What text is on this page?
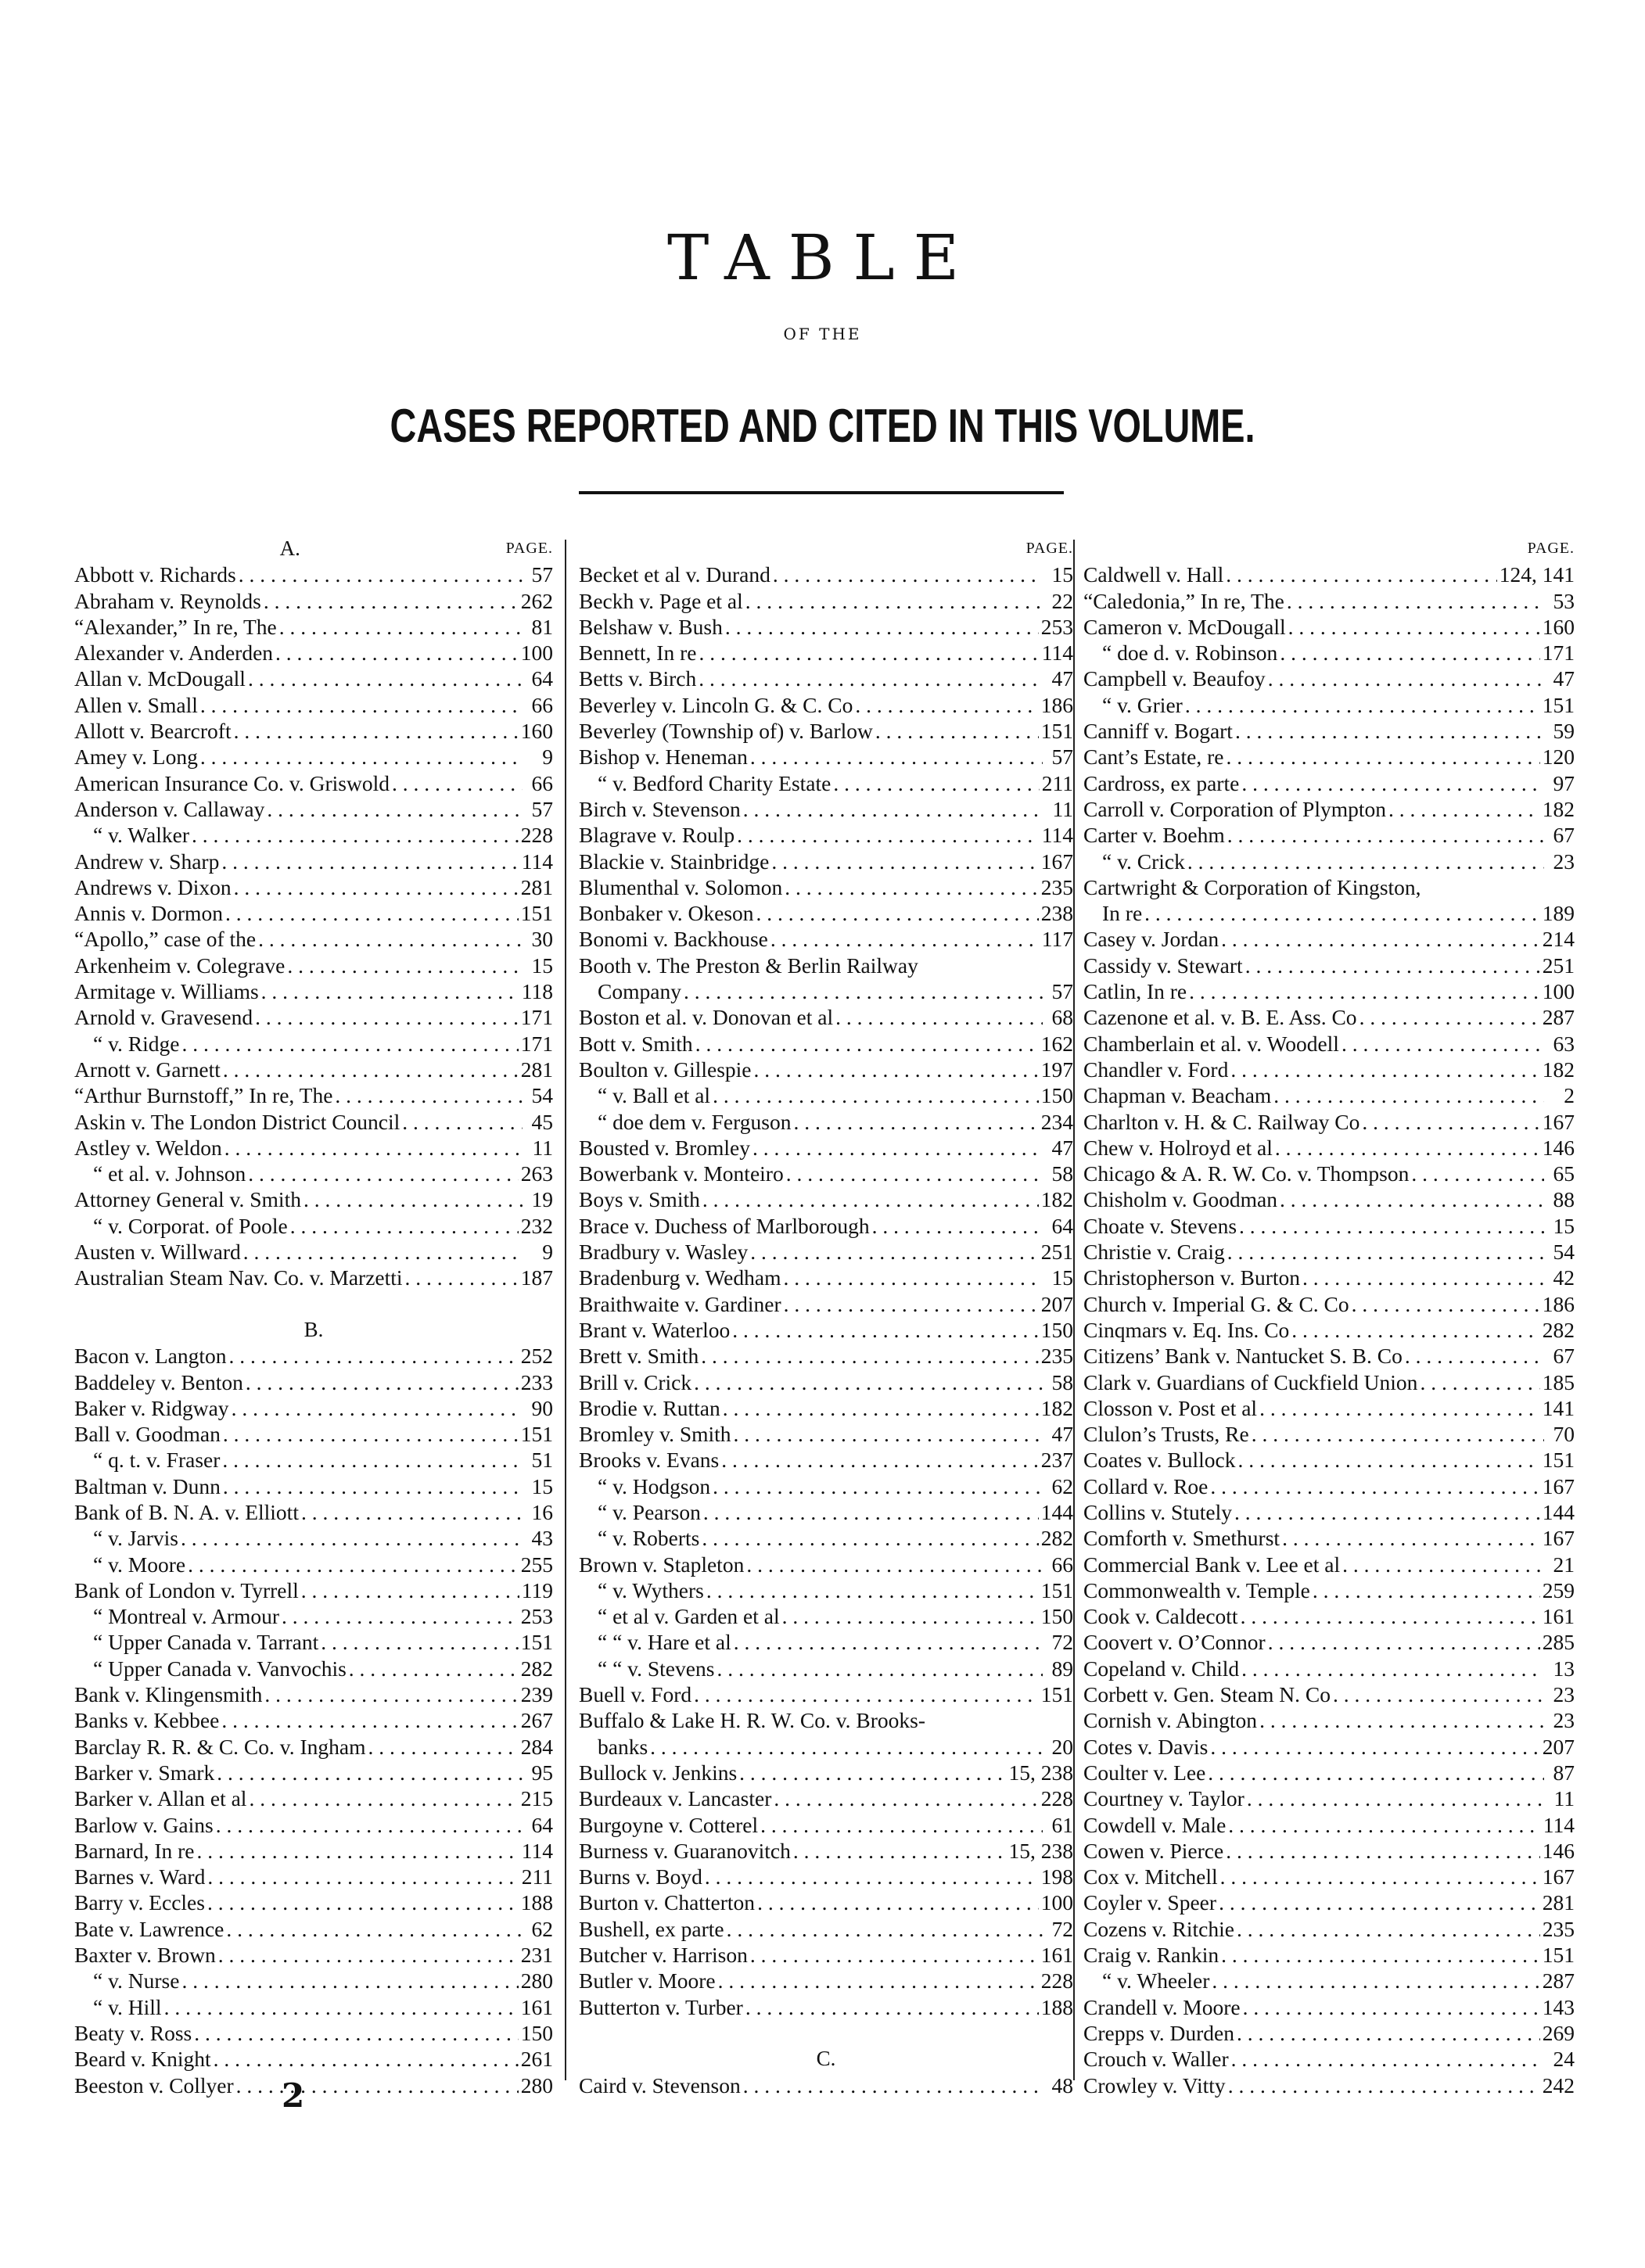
TABLE
OF THE
CASES REPORTED AND CITED IN THIS VOLUME.
A.	PAGE.
Abbott v. Richards . . .	57
Abraham v. Reynolds . . .	262
“Alexander,” In re, The . . .	81
Alexander v. Anderden . . .	100
Allan v. McDougall . . .	64
Allen v. Small . . .	66
Allott v. Bearcroft . . .	160
Amey v. Long . . .	9
American Insurance Co. v. Griswold . . .	66
Anderson v. Callaway . . .	57
“ v. Walker . . .	228
Andrew v. Sharp . . .	114
Andrews v. Dixon . . .	281
Annis v. Dormon . . .	151
“Apollo,” case of the . . .	30
Arkenheim v. Colegrave . . .	15
Armitage v. Williams . . .	118
Arnold v. Gravesend . . .	171
“ v. Ridge . . .	171
Arnott v. Garnett . . .	281
“Arthur Burnstoff,” In re, The . . .	54
Askin v. The London District Council . . .	45
Astley v. Weldon . . .	11
“ et al. v. Johnson . . .	263
Attorney General v. Smith . . .	19
“ v. Corporat. of Poole . . .	232
Austen v. Willward . . .	9
Australian Steam Nav. Co. v. Marzetti . . .	187
B.
Bacon v. Langton . . .	252
Baddeley v. Benton . . .	233
Baker v. Ridgway . . .	90
Ball v. Goodman . . .	151
“ q. t. v. Fraser . . .	51
Baltman v. Dunn . . .	15
Bank of B. N. A. v. Elliott . . .	16
“ v. Jarvis . . .	43
“ v. Moore . . .	255
Bank of London v. Tyrrell . . .	119
“ Montreal v. Armour . . .	253
“ Upper Canada v. Tarrant . . .	151
“ Upper Canada v. Vanvochis . . .	282
Bank v. Klingensmith . . .	239
Banks v. Kebbee . . .	267
Barclay R. R. & C. Co. v. Ingham . . .	284
Barker v. Smark . . .	95
Barker v. Allan et al . . .	215
Barlow v. Gains . . .	64
Barnard, In re . . .	114
Barnes v. Ward . . .	211
Barry v. Eccles . . .	188
Bate v. Lawrence . . .	62
Baxter v. Brown . . .	231
“ v. Nurse . . .	280
“ v. Hill . . .	161
Beaty v. Ross . . .	150
Beard v. Knight . . .	261
Beeston v. Collyer . . .	280
PAGE.
Becket et al v. Durand . . .	15
Beckh v. Page et al . . .	22
Belshaw v. Bush . . .	253
Bennett, In re . . .	114
Betts v. Birch . . .	47
Beverley v. Lincoln G. & C. Co . . .	186
Beverley (Township of) v. Barlow . . .	151
Bishop v. Heneman . . .	57
“ v. Bedford Charity Estate . . .	211
Birch v. Stevenson . . .	11
Blagrave v. Roulp . . .	114
Blackie v. Stainbridge . . .	167
Blumenthal v. Solomon . . .	235
Bonbaker v. Okeson . . .	238
Bonomi v. Backhouse . . .	117
Booth v. The Preston & Berlin Railway
Company . . .	57
Boston et al. v. Donovan et al . . .	68
Bott v. Smith . . .	162
Boulton v. Gillespie . . .	197
“ v. Ball et al . . .	150
“ doe dem v. Ferguson . . .	234
Bousted v. Bromley . . .	47
Bowerbank v. Monteiro . . .	58
Boys v. Smith . . .	182
Brace v. Duchess of Marlborough . . .	64
Bradbury v. Wasley . . .	251
Bradenburg v. Wedham . . .	15
Braithwaite v. Gardiner . . .	207
Brant v. Waterloo . . .	150
Brett v. Smith . . .	235
Brill v. Crick . . .	58
Brodie v. Ruttan . . .	182
Bromley v. Smith . . .	47
Brooks v. Evans . . .	237
“ v. Hodgson . . .	62
“ v. Pearson . . .	144
“ v. Roberts . . .	282
Brown v. Stapleton . . .	66
“ v. Wythers . . .	151
“ et al v. Garden et al . . .	150
“ “ v. Hare et al . . .	72
“ “ v. Stevens . . .	89
Buell v. Ford . . .	151
Buffalo & Lake H. R. W. Co. v. Brooks-
banks . . .	20
Bullock v. Jenkins . . .	15, 238
Burdeaux v. Lancaster . . .	228
Burgoyne v. Cotterel . . .	61
Burness v. Guaranovitch . . .	15, 238
Burns v. Boyd . . .	198
Burton v. Chatterton . . .	100
Bushell, ex parte . . .	72
Butcher v. Harrison . . .	161
Butler v. Moore . . .	228
Butterton v. Turber . . .	188
C.
Caird v. Stevenson . . .	48
PAGE.
Caldwell v. Hall . . .	124, 141
“Caledonia,” In re, The . . .	53
Cameron v. McDougall . . .	160
“ doe d. v. Robinson . . .	171
Campbell v. Beaufoy . . .	47
“ v. Grier . . .	151
Canniff v. Bogart . . .	59
Cant’s Estate, re . . .	120
Cardross, ex parte . . .	97
Carroll v. Corporation of Plympton . . .	182
Carter v. Boehm . . .	67
“ v. Crick . . .	23
Cartwright & Corporation of Kingston,
In re . . .	189
Casey v. Jordan . . .	214
Cassidy v. Stewart . . .	251
Catlin, In re . . .	100
Cazenone et al. v. B. E. Ass. Co . . .	287
Chamberlain et al. v. Woodell . . .	63
Chandler v. Ford . . .	182
Chapman v. Beacham . . .	2
Charlton v. H. & C. Railway Co . . .	167
Chew v. Holroyd et al . . .	146
Chicago & A. R. W. Co. v. Thompson . . .	65
Chisholm v. Goodman . . .	88
Choate v. Stevens . . .	15
Christie v. Craig . . .	54
Christopherson v. Burton . . .	42
Church v. Imperial G. & C. Co . . .	186
Cinqmars v. Eq. Ins. Co . . .	282
Citizens’ Bank v. Nantucket S. B. Co . . .	67
Clark v. Guardians of Cuckfield Union . . .	185
Closson v. Post et al . . .	141
Clulon’s Trusts, Re . . .	70
Coates v. Bullock . . .	151
Collard v. Roe . . .	167
Collins v. Stutely . . .	144
Comforth v. Smethurst . . .	167
Commercial Bank v. Lee et al . . .	21
Commonwealth v. Temple . . .	259
Cook v. Caldecott . . .	161
Coovert v. O’Connor . . .	285
Copeland v. Child . . .	13
Corbett v. Gen. Steam N. Co . . .	23
Cornish v. Abington . . .	23
Cotes v. Davis . . .	207
Coulter v. Lee . . .	87
Courtney v. Taylor . . .	11
Cowdell v. Male . . .	114
Cowen v. Pierce . . .	146
Cox v. Mitchell . . .	167
Coyler v. Speer . . .	281
Cozens v. Ritchie . . .	235
Craig v. Rankin . . .	151
“ v. Wheeler . . .	287
Crandell v. Moore . . .	143
Crepps v. Durden . . .	269
Crouch v. Waller . . .	24
Crowley v. Vitty . . .	242
2
